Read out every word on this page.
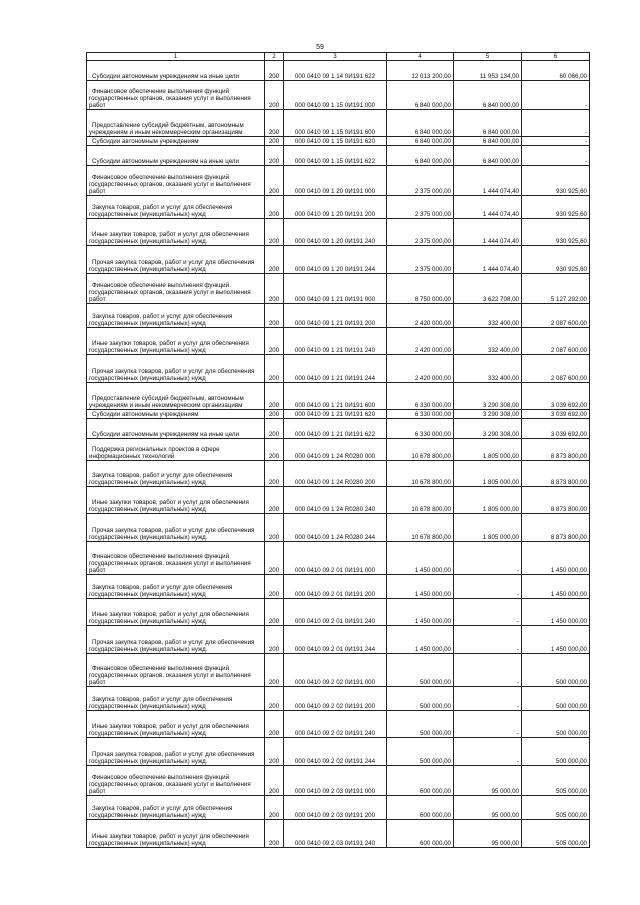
59
1	2	3	4	5	6

Субсидии автономным учреждениям на иные цели	200	000 0410 09 1 14 0И191 622	12 013 200,00	11 953 134,00	60 066,00

Финансовое обеспечение выполнения функций государственных органов, оказания услуг и выполнения работ	200	000 0410 09 1 15 0И191 000	6 840 000,00	6 840 000,00	-

Предоставление субсидий бюджетным, автономным учреждениям и иным некоммерческим организациям	200	000 0410 09 1 15 0И191 600	6 840 000,00	6 840 000,00	-

Субсидии автономным учреждениям	200	000 0410 09 1 15 0И191 620	6 840 000,00	6 840 000,00	-

Субсидии автономным учреждениям на иные цели	200	000 0410 09 1 15 0И191 622	6 840 000,00	6 840 000,00	-

Финансовое обеспечение выполнения функций государственных органов, оказания услуг и выполнения работ	200	000 0410 09 1 20 0И191 000	2 375 000,00	1 444 074,40	930 925,60

Закупка товаров, работ и услуг для обеспечения государственных (муниципальных) нужд	200	000 0410 09 1 20 0И191 200	2 375 000,00	1 444 074,40	930 925,60

Иные закупки товаров, работ и услуг для обеспечения государственных (муниципальных) нужд	200	000 0410 09 1 20 0И191 240	2 375 000,00	1 444 074,40	930 925,60

Прочая закупка товаров, работ и услуг для обеспечения государственных (муниципальных) нужд	200	000 0410 09 1 20 0И191 244	2 375 000,00	1 444 074,40	930 925,60

Финансовое обеспечение выполнения функций государственных органов, оказания услуг и выполнения работ	200	000 0410 09 1 21 0И191 000	8 750 000,00	3 622 708,00	5 127 292,00

Закупка товаров, работ и услуг для обеспечения государственных (муниципальных) нужд	200	000 0410 09 1 21 0И191 200	2 420 000,00	332 400,00	2 087 600,00

Иные закупки товаров, работ и услуг для обеспечения государственных (муниципальных) нужд	200	000 0410 09 1 21 0И191 240	2 420 000,00	332 400,00	2 087 600,00

Прочая закупка товаров, работ и услуг для обеспечения государственных (муниципальных) нужд	200	000 0410 09 1 21 0И191 244	2 420 000,00	332 400,00	2 087 600,00

Предоставление субсидий бюджетным, автономным учреждениям и иным некоммерческим организациям	200	000 0410 09 1 21 0И191 600	6 330 000,00	3 290 308,00	3 039 692,00

Субсидии автономным учреждениям	200	000 0410 09 1 21 0И191 620	6 330 000,00	3 290 308,00	3 039 692,00

Субсидии автономным учреждениям на иные цели	200	000 0410 09 1 21 0И191 622	6 330 000,00	3 290 308,00	3 039 692,00

Поддержка региональных проектов в сфере информационных технологий	200	000 0410 09 1 24 R0280 000	10 678 800,00	1 805 000,00	8 873 800,00

Закупка товаров, работ и услуг для обеспечения государственных (муниципальных) нужд	200	000 0410 09 1 24 R0280 200	10 678 800,00	1 805 000,00	8 873 800,00

Иные закупки товаров, работ и услуг для обеспечения государственных (муниципальных) нужд	200	000 0410 09 1 24 R0280 240	10 678 800,00	1 805 000,00	8 873 800,00

Прочая закупка товаров, работ и услуг для обеспечения государственных (муниципальных) нужд	200	000 0410 09 1 24 R0280 244	10 678 800,00	1 805 000,00	8 873 800,00

Финансовое обеспечение выполнения функций государственных органов, оказания услуг и выполнения работ	200	000 0410 09 2 01 0И191 000	1 450 000,00	-	1 450 000,00

Закупка товаров, работ и услуг для обеспечения государственных (муниципальных) нужд	200	000 0410 09 2 01 0И191 200	1 450 000,00	-	1 450 000,00

Иные закупки товаров, работ и услуг для обеспечения государственных (муниципальных) нужд	200	000 0410 09 2 01 0И191 240	1 450 000,00	-	1 450 000,00

Прочая закупка товаров, работ и услуг для обеспечения государственных (муниципальных) нужд	200	000 0410 09 2 01 0И191 244	1 450 000,00	-	1 450 000,00

Финансовое обеспечение выполнения функций государственных органов, оказания услуг и выполнения работ	200	000 0410 09 2 02 0И191 000	500 000,00	-	500 000,00

Закупка товаров, работ и услуг для обеспечения государственных (муниципальных) нужд	200	000 0410 09 2 02 0И191 200	500 000,00	-	500 000,00

Иные закупки товаров, работ и услуг для обеспечения государственных (муниципальных) нужд	200	000 0410 09 2 02 0И191 240	500 000,00	-	500 000,00

Прочая закупка товаров, работ и услуг для обеспечения государственных (муниципальных) нужд	200	000 0410 09 2 02 0И191 244	500 000,00	-	500 000,00

Финансовое обеспечение выполнения функций государственных органов, оказания услуг и выполнения работ	200	000 0410 09 2 03 0И191 000	600 000,00	95 000,00	505 000,00

Закупка товаров, работ и услуг для обеспечения государственных (муниципальных) нужд	200	000 0410 09 2 03 0И191 200	600 000,00	95 000,00	505 000,00

Иные закупки товаров, работ и услуг для обеспечения государственных (муниципальных) нужд	200	000 0410 09 2 03 0И191 240	600 000,00	95 000,00	505 000,00
